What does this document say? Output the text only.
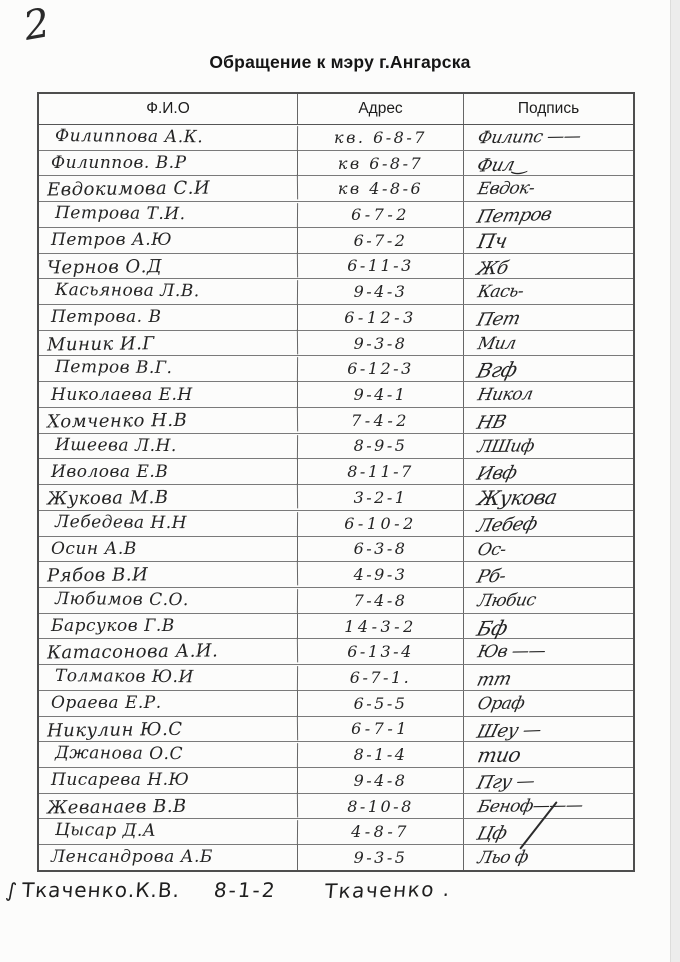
2
Обращение к мэру г.Ангарска
Ф.И.О	Адрес	Подпись
Филиппова А.К.	кв. 6-8-7	Филипс ——
Филиппов. В.Р	кв 6-8-7	Фил‿
Евдокимова С.И	кв 4-8-6	Евдок-
Петрова Т.И.	6-7-2	Петров
Петров А.Ю	6-7-2	Пч
Чернов О.Д	6-11-3	Жб
Касьянова Л.В.	9-4-3	Кась-
Петрова. В	6-12-3	Пет
Миник И.Г	9-3-8	Мил
Петров В.Г.	6-12-3	Вгф
Николаева Е.Н	9-4-1	Никол
Хомченко Н.В	7-4-2	НВ
Ишеева Л.Н.	8-9-5	ЛШиф
Иволова Е.В	8-11-7	Ивф
Жукова М.В	3-2-1	Жукова
Лебедева Н.Н	6-10-2	Лебеф
Осин А.В	6-3-8	Ос-
Рябов В.И	4-9-3	Рб-
Любимов С.О.	7-4-8	Любис
Барсуков Г.В	14-3-2	Бф
Катасонова А.И.	6-13-4	Юв ——
Толмаков Ю.И	6-7-1.	тт
Ораева Е.Р.	6-5-5	Ораф
Никулин Ю.С	6-7-1	Шеу —
Джанова О.С	8-1-4	тио
Писарева Н.Ю	9-4-8	Пгу —
Жеванаев В.В	8-10-8	Беноф———
Цысар Д.А	4-8-7	Цф
Ленсандрова А.Б	9-3-5	Льо ф
∫ Ткаченко.К.В. 8-1-2 Ткаченко .
